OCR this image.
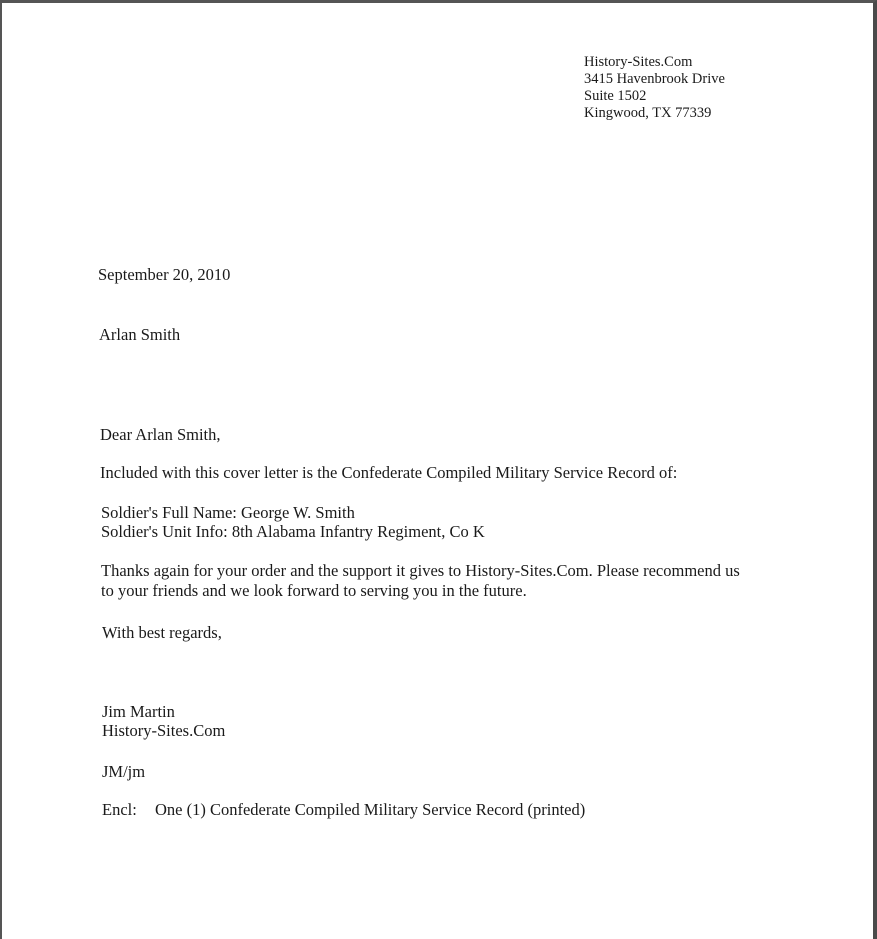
History-Sites.Com
3415 Havenbrook Drive
Suite 1502
Kingwood, TX 77339
September 20, 2010
Arlan Smith
Dear Arlan Smith,
Included with this cover letter is the Confederate Compiled Military Service Record of:
Soldier's Full Name: George W. Smith
Soldier's Unit Info: 8th Alabama Infantry Regiment, Co K
Thanks again for your order and the support it gives to History-Sites.Com. Please recommend us
to your friends and we look forward to serving you in the future.
With best regards,
Jim Martin
History-Sites.Com
JM/jm
Encl: One (1) Confederate Compiled Military Service Record (printed)
